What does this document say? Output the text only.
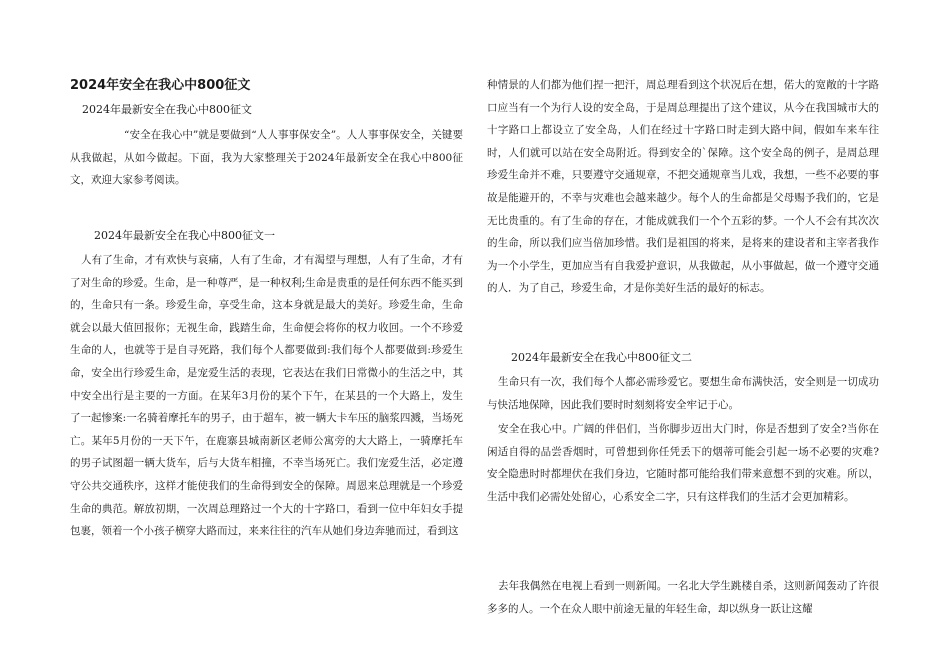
2024年安全在我心中800征文

2024年最新安全在我心中800征文

“安全在我心中”就是要做到“人人事事保安全”。人人事事保安全，关键要从我做起，从如今做起。下面，我为大家整理关于2024年最新安全在我心中800征文，欢迎大家参考阅读。

2024年最新安全在我心中800征文一

人有了生命，才有欢快与哀痛，人有了生命，才有渴望与理想，人有了生命，才有了对生命的珍爱。生命，是一种尊严，是一种权利;生命是贵重的是任何东西不能买到的，生命只有一条。珍爱生命，享受生命，这本身就是最大的美好。珍爱生命，生命就会以最大值回报你；无视生命，践踏生命，生命便会将你的权力收回。一个不珍爱生命的人，也就等于是自寻死路，我们每个人都要做到:我们每个人都要做到:珍爱生命，安全出行珍爱生命，是宠爱生活的表现，它表达在我们日常微小的生活之中，其中安全出行是主要的一方面。在某年3月份的某个下午，在某县的一个大路上，发生了一起惨案:一名骑着摩托车的男子，由于超车，被一辆大卡车压的脑浆四溅，当场死亡。某年5月份的一天下午，在鹿寨县城南新区老师公寓旁的大大路上，一骑摩托车的男子试图超一辆大货车，后与大货车相撞，不幸当场死亡。我们宠爱生活，必定遵守公共交通秩序，这样才能使我们的生命得到安全的保障。周恩来总理就是一个珍爱生命的典范。解放初期，一次周总理路过一个大的十字路口，看到一位中年妇女手提包裹，领着一个小孩子横穿大路而过，来来往往的汽车从她们身边奔驰而过，看到这

种情景的人们都为他们捏一把汗，周总理看到这个状况后在想，偌大的宽敞的十字路口应当有一个为行人设的安全岛，于是周总理提出了这个建议，从今在我国城市大的十字路口上都设立了安全岛，人们在经过十字路口时走到大路中间，假如车来车往时，人们就可以站在安全岛附近。得到安全的`保障。这个安全岛的例子，是周总理珍爱生命并不难，只要遵守交通规章，不把交通规章当儿戏，我想，一些不必要的事故是能避开的，不幸与灾难也会越来越少。每个人的生命都是父母赐予我们的，它是无比贵重的。有了生命的存在，才能成就我们一个个五彩的梦。一个人不会有其次次的生命，所以我们应当倍加珍惜。我们是祖国的将来，是将来的建设者和主宰者我作为一个小学生，更加应当有自我爱护意识，从我做起，从小事做起，做一个遵守交通的人．为了自己，珍爱生命，才是你美好生活的最好的标志。

2024年最新安全在我心中800征文二

生命只有一次，我们每个人都必需珍爱它。要想生命布满快活，安全则是一切成功与快活地保障，因此我们要时时刻刻将安全牢记于心。

安全在我心中。广阔的伴侣们，当你脚步迈出大门时，你是否想到了安全?当你在闲适自得的品尝香烟时，可曾想到你任凭丢下的烟蒂可能会引起一场不必要的灾难?安全隐患时时都埋伏在我们身边，它随时都可能给我们带来意想不到的灾难。所以，生活中我们必需处处留心，心系安全二字，只有这样我们的生活才会更加精彩。

去年我偶然在电视上看到一则新闻。一名北大学生跳楼自杀，这则新闻轰动了许很多多的人。一个在众人眼中前途无量的年轻生命，却以纵身一跃让这耀
